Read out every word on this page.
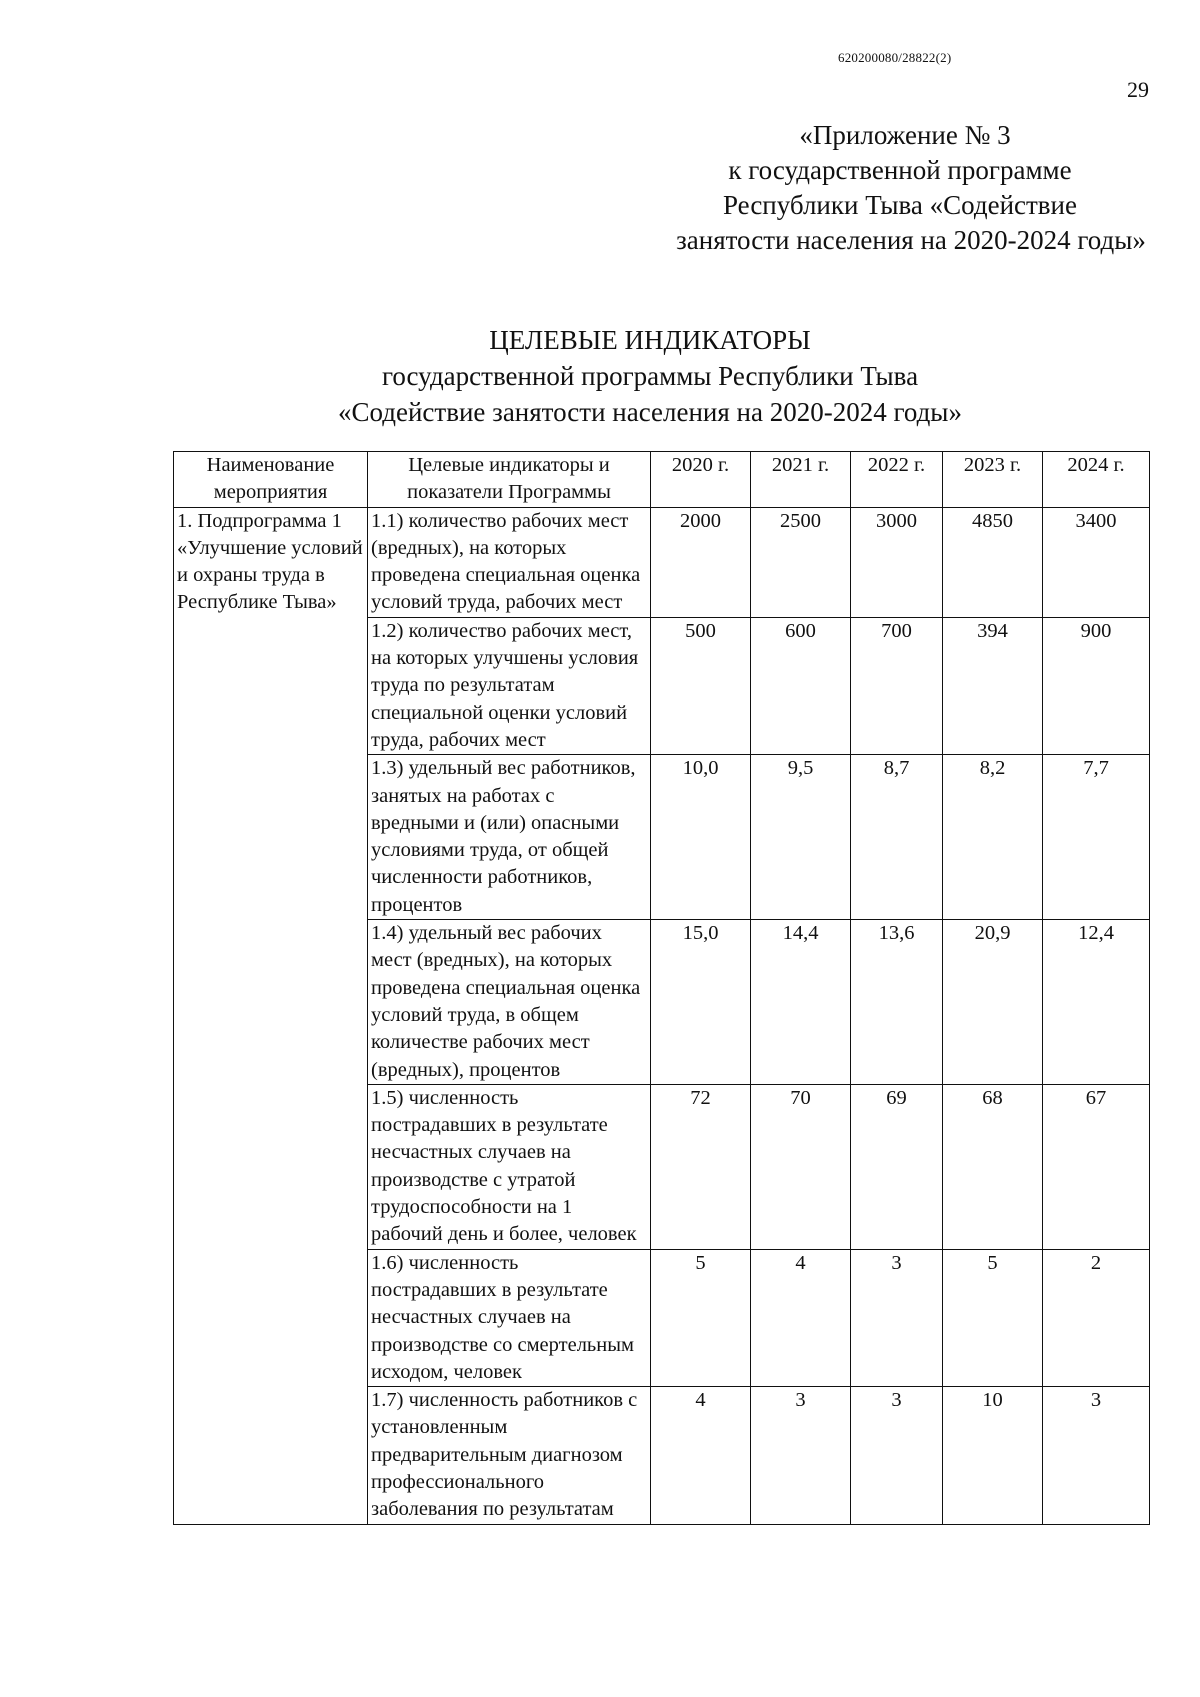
620200080/28822(2)
29
«Приложение № 3
к государственной программе
Республики Тыва «Содействие
занятости населения на 2020-2024 годы»
ЦЕЛЕВЫЕ ИНДИКАТОРЫ
государственной программы Республики Тыва
«Содействие занятости населения на 2020-2024 годы»
Наименование мероприятия	Целевые индикаторы и показатели Программы	2020 г.	2021 г.	2022 г.	2023 г.	2024 г.
1. Подпрограмма 1 «Улучшение условий и охраны труда в Республике Тыва»	1.1) количество рабочих мест (вредных), на которых проведена специальная оценка условий труда, рабочих мест	2000	2500	3000	4850	3400
	1.2) количество рабочих мест, на которых улучшены условия труда по результатам специальной оценки условий труда, рабочих мест	500	600	700	394	900
	1.3) удельный вес работников, занятых на работах с вредными и (или) опасными условиями труда, от общей численности работников, процентов	10,0	9,5	8,7	8,2	7,7
	1.4) удельный вес рабочих мест (вредных), на которых проведена специальная оценка условий труда, в общем количестве рабочих мест (вредных), процентов	15,0	14,4	13,6	20,9	12,4
	1.5) численность пострадавших в результате несчастных случаев на производстве с утратой трудоспособности на 1 рабочий день и более, человек	72	70	69	68	67
	1.6) численность пострадавших в результате несчастных случаев на производстве со смертельным исходом, человек	5	4	3	5	2
	1.7) численность работников с установленным предварительным диагнозом профессионального заболевания по результатам	4	3	3	10	3
